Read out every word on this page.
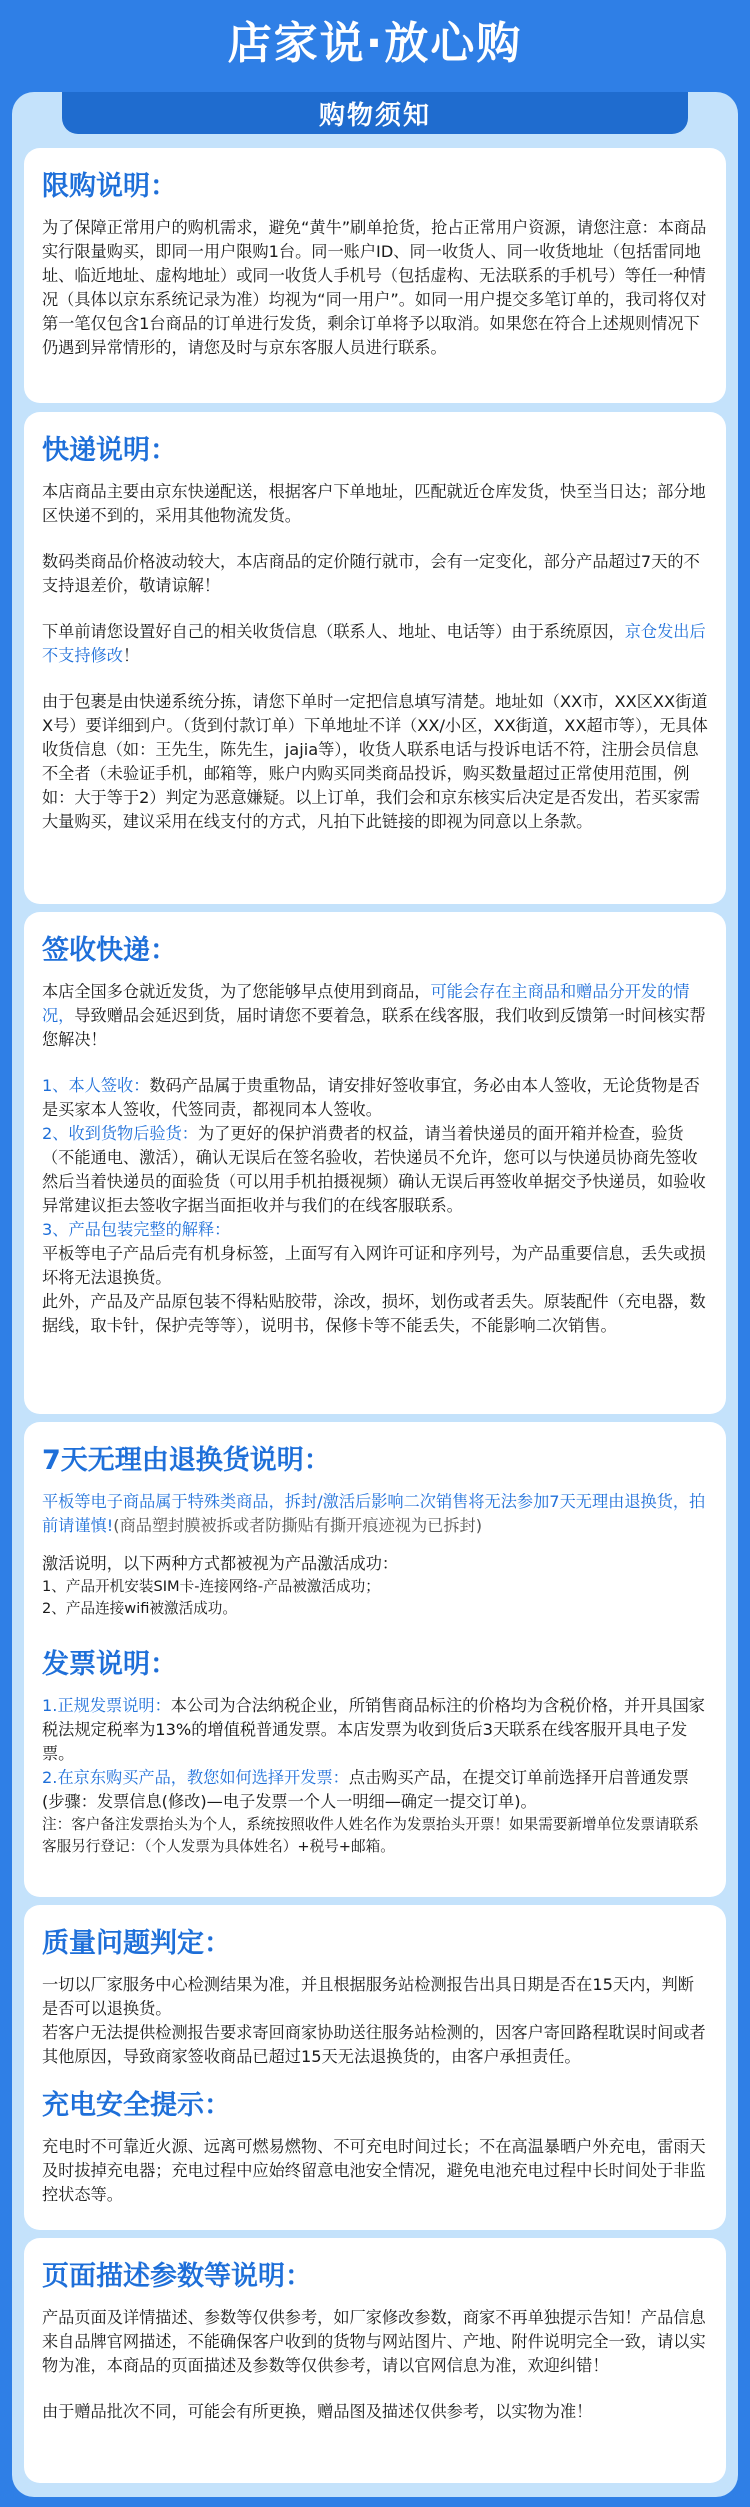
店家说·放心购
购物须知
限购说明：

为了保障正常用户的购机需求，避免“黄牛”刷单抢货，抢占正常用户资源，请您注意：本商品实行限量购买，即同一用户限购1台。同一账户ID、同一收货人、同一收货地址（包括雷同地址、临近地址、虚构地址）或同一收货人手机号（包括虚构、无法联系的手机号）等任一种情况（具体以京东系统记录为准）均视为“同一用户”。如同一用户提交多笔订单的，我司将仅对第一笔仅包含1台商品的订单进行发货，剩余订单将予以取消。如果您在符合上述规则情况下仍遇到异常情形的，请您及时与京东客服人员进行联系。

快递说明：

本店商品主要由京东快递配送，根据客户下单地址，匹配就近仓库发货，快至当日达；部分地区快递不到的，采用其他物流发货。

数码类商品价格波动较大，本店商品的定价随行就市，会有一定变化，部分产品超过7天的不支持退差价，敬请谅解！

下单前请您设置好自己的相关收货信息（联系人、地址、电话等）由于系统原因，京仓发出后不支持修改！

由于包裹是由快递系统分拣，请您下单时一定把信息填写清楚。地址如（XX市，XX区XX街道X号）要详细到户。（货到付款订单）下单地址不详（XX/小区，XX街道，XX超市等），无具体收货信息（如：王先生，陈先生，jajia等），收货人联系电话与投诉电话不符，注册会员信息不全者（未验证手机，邮箱等，账户内购买同类商品投诉，购买数量超过正常使用范围，例如：大于等于2）判定为恶意嫌疑。以上订单，我们会和京东核实后决定是否发出，若买家需大量购买，建议采用在线支付的方式，凡拍下此链接的即视为同意以上条款。

签收快递：

本店全国多仓就近发货，为了您能够早点使用到商品，可能会存在主商品和赠品分开发的情况，导致赠品会延迟到货，届时请您不要着急，联系在线客服，我们收到反馈第一时间核实帮您解决！

1、本人签收：数码产品属于贵重物品，请安排好签收事宜，务必由本人签收，无论货物是否是买家本人签收，代签同责，都视同本人签收。

2、收到货物后验货：为了更好的保护消费者的权益，请当着快递员的面开箱并检查，验货（不能通电、激活），确认无误后在签名验收，若快递员不允许，您可以与快递员协商先签收然后当着快递员的面验货（可以用手机拍摄视频）确认无误后再签收单据交予快递员，如验收异常建议拒去签收字据当面拒收并与我们的在线客服联系。

3、产品包装完整的解释：

平板等电子产品后壳有机身标签，上面写有入网许可证和序列号，为产品重要信息，丢失或损坏将无法退换货。

此外，产品及产品原包装不得粘贴胶带，涂改，损坏，划伤或者丢失。原装配件（充电器，数据线，取卡针，保护壳等等），说明书，保修卡等不能丢失，不能影响二次销售。

7天无理由退换货说明：

平板等电子商品属于特殊类商品，拆封/激活后影响二次销售将无法参加7天无理由退换货，拍前请谨慎!(商品塑封膜被拆或者防撕贴有撕开痕迹视为已拆封)

激活说明，以下两种方式都被视为产品激活成功：

1、产品开机安装SIM卡-连接网络-产品被激活成功；

2、产品连接wifi被激活成功。

发票说明：

1.正规发票说明：本公司为合法纳税企业，所销售商品标注的价格均为含税价格，并开具国家税法规定税率为13%的增值税普通发票。本店发票为收到货后3天联系在线客服开具电子发票。

2.在京东购买产品，教您如何选择开发票：点击购买产品，在提交订单前选择开启普通发票(步骤：发票信息(修改)—电子发票一个人一明细—确定一提交订单)。

注：客户备注发票抬头为个人，系统按照收件人姓名作为发票抬头开票！如果需要新增单位发票请联系客服另行登记：（个人发票为具体姓名）+税号+邮箱。

质量问题判定：

一切以厂家服务中心检测结果为准，并且根据服务站检测报告出具日期是否在15天内，判断是否可以退换货。

若客户无法提供检测报告要求寄回商家协助送往服务站检测的，因客户寄回路程耽误时间或者其他原因，导致商家签收商品已超过15天无法退换货的，由客户承担责任。

充电安全提示：

充电时不可靠近火源、远离可燃易燃物、不可充电时间过长；不在高温暴晒户外充电，雷雨天及时拔掉充电器；充电过程中应始终留意电池安全情况，避免电池充电过程中长时间处于非监控状态等。

页面描述参数等说明：

产品页面及详情描述、参数等仅供参考，如厂家修改参数，商家不再单独提示告知！产品信息来自品牌官网描述，不能确保客户收到的货物与网站图片、产地、附件说明完全一致，请以实物为准，本商品的页面描述及参数等仅供参考，请以官网信息为准，欢迎纠错！

由于赠品批次不同，可能会有所更换，赠品图及描述仅供参考，以实物为准！
